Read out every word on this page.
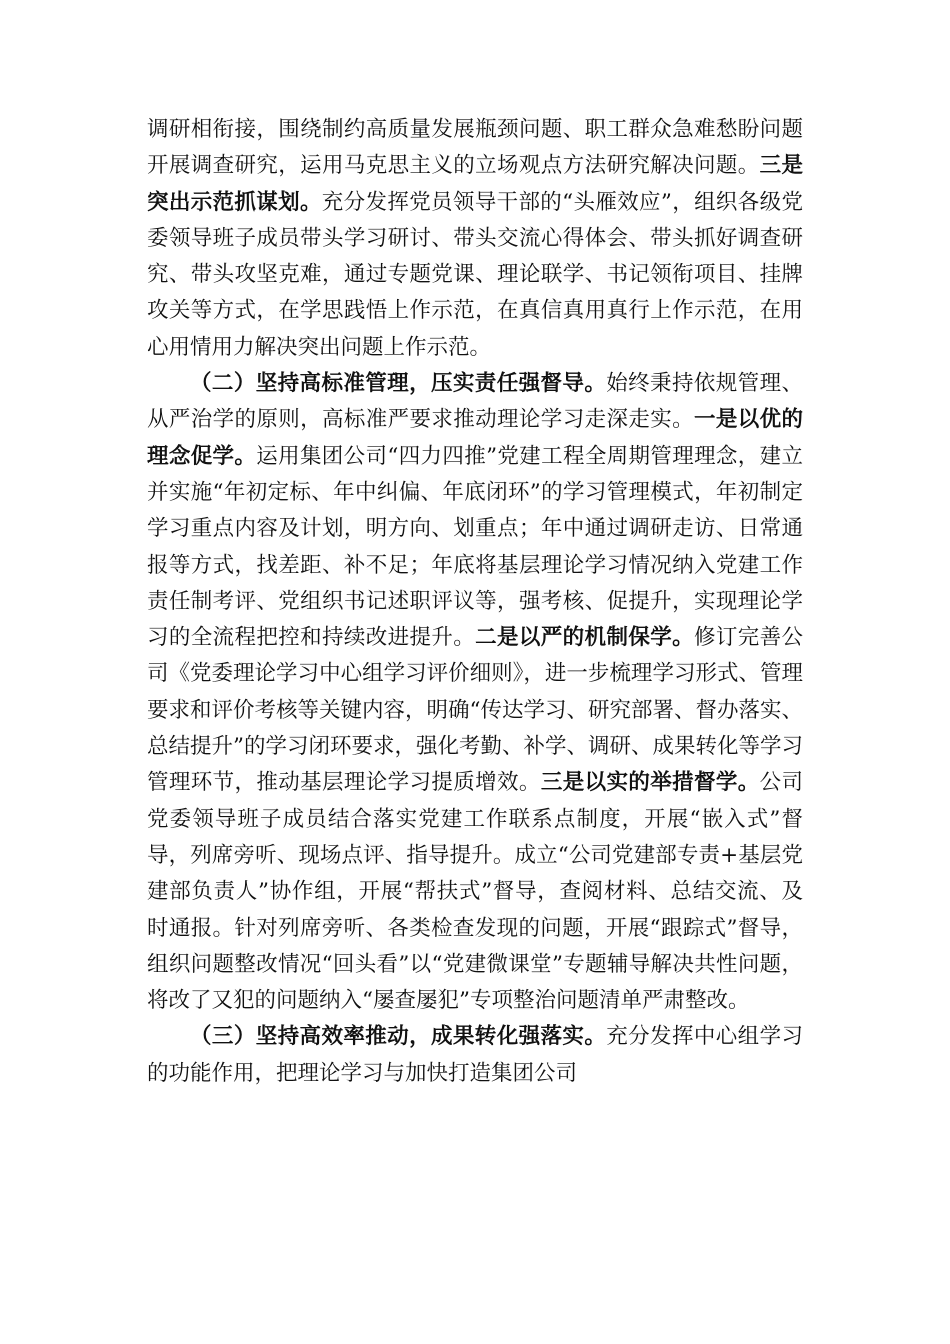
调研相衔接，围绕制约高质量发展瓶颈问题、职工群众急难愁盼问题开展调查研究，运用马克思主义的立场观点方法研究解决问题。三是突出示范抓谋划。充分发挥党员领导干部的“头雁效应”，组织各级党委领导班子成员带头学习研讨、带头交流心得体会、带头抓好调查研究、带头攻坚克难，通过专题党课、理论联学、书记领衔项目、挂牌攻关等方式，在学思践悟上作示范，在真信真用真行上作示范，在用心用情用力解决突出问题上作示范。

（二）坚持高标准管理，压实责任强督导。始终秉持依规管理、从严治学的原则，高标准严要求推动理论学习走深走实。一是以优的理念促学。运用集团公司“四力四推”党建工程全周期管理理念，建立并实施“年初定标、年中纠偏、年底闭环”的学习管理模式，年初制定学习重点内容及计划，明方向、划重点；年中通过调研走访、日常通报等方式，找差距、补不足；年底将基层理论学习情况纳入党建工作责任制考评、党组织书记述职评议等，强考核、促提升，实现理论学习的全流程把控和持续改进提升。二是以严的机制保学。修订完善公司《党委理论学习中心组学习评价细则》，进一步梳理学习形式、管理要求和评价考核等关键内容，明确“传达学习、研究部署、督办落实、总结提升”的学习闭环要求，强化考勤、补学、调研、成果转化等学习管理环节，推动基层理论学习提质增效。三是以实的举措督学。公司党委领导班子成员结合落实党建工作联系点制度，开展“嵌入式”督导，列席旁听、现场点评、指导提升。成立“公司党建部专责+基层党建部负责人”协作组，开展“帮扶式”督导，查阅材料、总结交流、及时通报。针对列席旁听、各类检查发现的问题，开展“跟踪式”督导，组织问题整改情况“回头看”以“党建微课堂”专题辅导解决共性问题，将改了又犯的问题纳入“屡查屡犯”专项整治问题清单严肃整改。

（三）坚持高效率推动，成果转化强落实。充分发挥中心组学习的功能作用，把理论学习与加快打造集团公司
